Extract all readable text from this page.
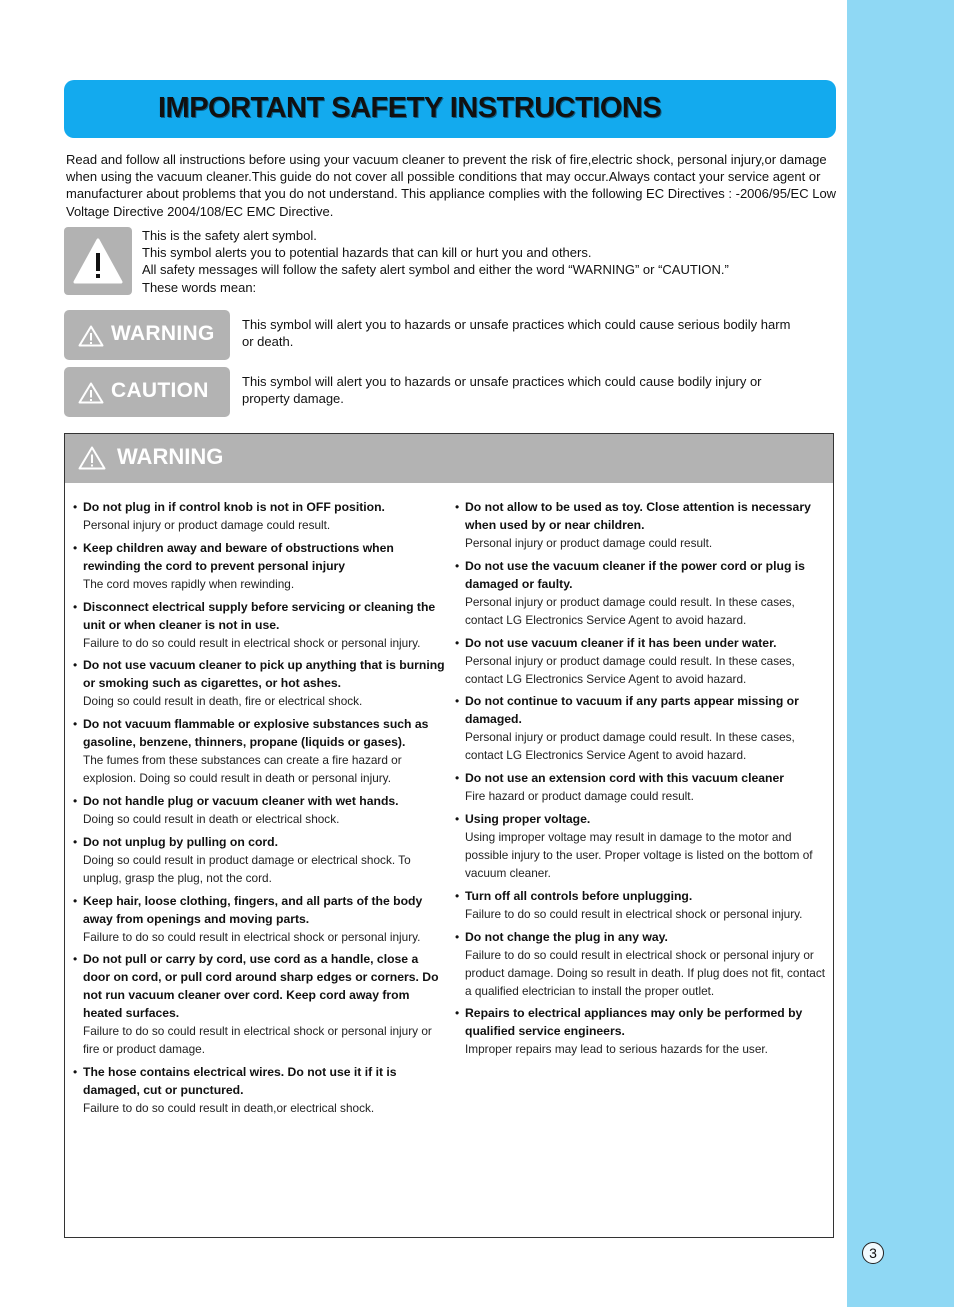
IMPORTANT SAFETY INSTRUCTIONS

Read and follow all instructions before using your vacuum cleaner to prevent the risk of fire,electric shock, personal injury,or damage when using the vacuum cleaner.This guide do not cover all possible conditions that may occur.Always contact your service agent or manufacturer about problems that you do not understand. This appliance complies with the following EC Directives : -2006/95/EC Low Voltage Directive 2004/108/EC EMC Directive.

This is the safety alert symbol.
This symbol alerts you to potential hazards that can kill or hurt you and others.
All safety messages will follow the safety alert symbol and either the word “WARNING” or “CAUTION.”
These words mean:
WARNING This symbol will alert you to hazards or unsafe practices which could cause serious bodily harm or death.
CAUTION	This symbol will alert you to hazards or unsafe practices which could cause bodily injury or property damage.
WARNING
• Do not plug in if control knob is not in OFF position.
Personal injury or product damage could result.
• Keep children away and beware of obstructions when rewinding the cord to prevent personal injury
The cord moves rapidly when rewinding.
• Disconnect electrical supply before servicing or cleaning the unit or when cleaner is not in use.
Failure to do so could result in electrical shock or personal injury.
• Do not use vacuum cleaner to pick up anything that is burning or smoking such as cigarettes, or hot ashes.
Doing so could result in death, fire or electrical shock.
• Do not vacuum flammable or explosive substances such as gasoline, benzene, thinners, propane (liquids or gases).
The fumes from these substances can create a fire hazard or explosion. Doing so could result in death or personal injury.
• Do not handle plug or vacuum cleaner with wet hands.
Doing so could result in death or electrical shock.
• Do not unplug by pulling on cord.
Doing so could result in product damage or electrical shock. To unplug, grasp the plug, not the cord.
• Keep hair, loose clothing, fingers, and all parts of the body away from openings and moving parts.
Failure to do so could result in electrical shock or personal injury.
• Do not pull or carry by cord, use cord as a handle, close a door on cord, or pull cord around sharp edges or corners. Do not run vacuum cleaner over cord. Keep cord away from heated surfaces.
Failure to do so could result in electrical shock or personal injury or fire or product damage.
• The hose contains electrical wires. Do not use it if it is damaged, cut or punctured.
Failure to do so could result in death,or electrical shock.
• Do not allow to be used as toy. Close attention is necessary when used by or near children.
Personal injury or product damage could result.
• Do not use the vacuum cleaner if the power cord or plug is damaged or faulty.
Personal injury or product damage could result. In these cases, contact LG Electronics Service Agent to avoid hazard.
• Do not use vacuum cleaner if it has been under water.
Personal injury or product damage could result. In these cases, contact LG Electronics Service Agent to avoid hazard.
• Do not continue to vacuum if any parts appear missing or damaged.
Personal injury or product damage could result. In these cases, contact LG Electronics Service Agent to avoid hazard.
• Do not use an extension cord with this vacuum cleaner
Fire hazard or product damage could result.
• Using proper voltage.
Using improper voltage may result in damage to the motor and possible injury to the user. Proper voltage is listed on the bottom of vacuum cleaner.
• Turn off all controls before unplugging.
Failure to do so could result in electrical shock or personal injury.
• Do not change the plug in any way.
Failure to do so could result in electrical shock or personal injury or product damage. Doing so result in death. If plug does not fit, contact a qualified electrician to install the proper outlet.
• Repairs to electrical appliances may only be performed by qualified service engineers.
Improper repairs may lead to serious hazards for the user.
3
